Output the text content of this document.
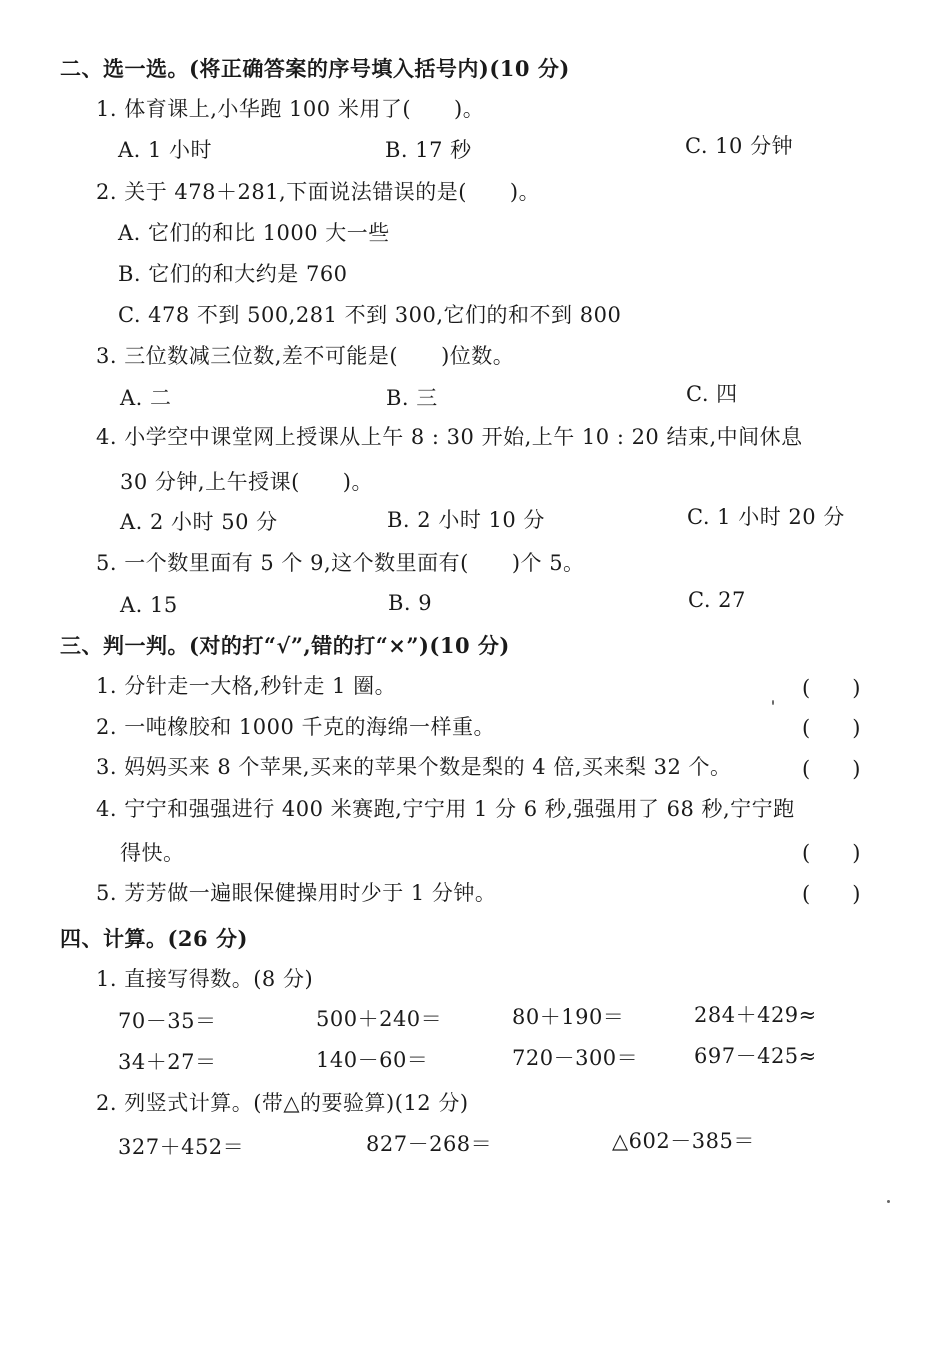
二、选一选。(将正确答案的序号填入括号内)(10 分)
1. 体育课上,小华跑 100 米用了(　　)。
A. 1 小时	B. 17 秒	C. 10 分钟
2. 关于 478＋281,下面说法错误的是(　　)。
A. 它们的和比 1000 大一些
B. 它们的和大约是 760
C. 478 不到 500,281 不到 300,它们的和不到 800
3. 三位数减三位数,差不可能是(　　)位数。
A. 二	B. 三	C. 四
4. 小学空中课堂网上授课从上午 8 : 30 开始,上午 10 : 20 结束,中间休息
30 分钟,上午授课(　　)。
A. 2 小时 50 分	B. 2 小时 10 分	C. 1 小时 20 分
5. 一个数里面有 5 个 9,这个数里面有(　　)个 5。
A. 15	B. 9	C. 27
三、判一判。(对的打“√”,错的打“×”)(10 分)
1. 分针走一大格,秒针走 1 圈。	(　　)
2. 一吨橡胶和 1000 千克的海绵一样重。	(　　)
3. 妈妈买来 8 个苹果,买来的苹果个数是梨的 4 倍,买来梨 32 个。	(　　)
4. 宁宁和强强进行 400 米赛跑,宁宁用 1 分 6 秒,强强用了 68 秒,宁宁跑
得快。	(　　)
5. 芳芳做一遍眼保健操用时少于 1 分钟。	(　　)
四、计算。(26 分)
1. 直接写得数。(8 分)
70－35＝	500＋240＝	80＋190＝	284＋429≈
34＋27＝	140－60＝	720－300＝	697－425≈
2. 列竖式计算。(带△的要验算)(12 分)
327＋452＝	827－268＝	△602－385＝
